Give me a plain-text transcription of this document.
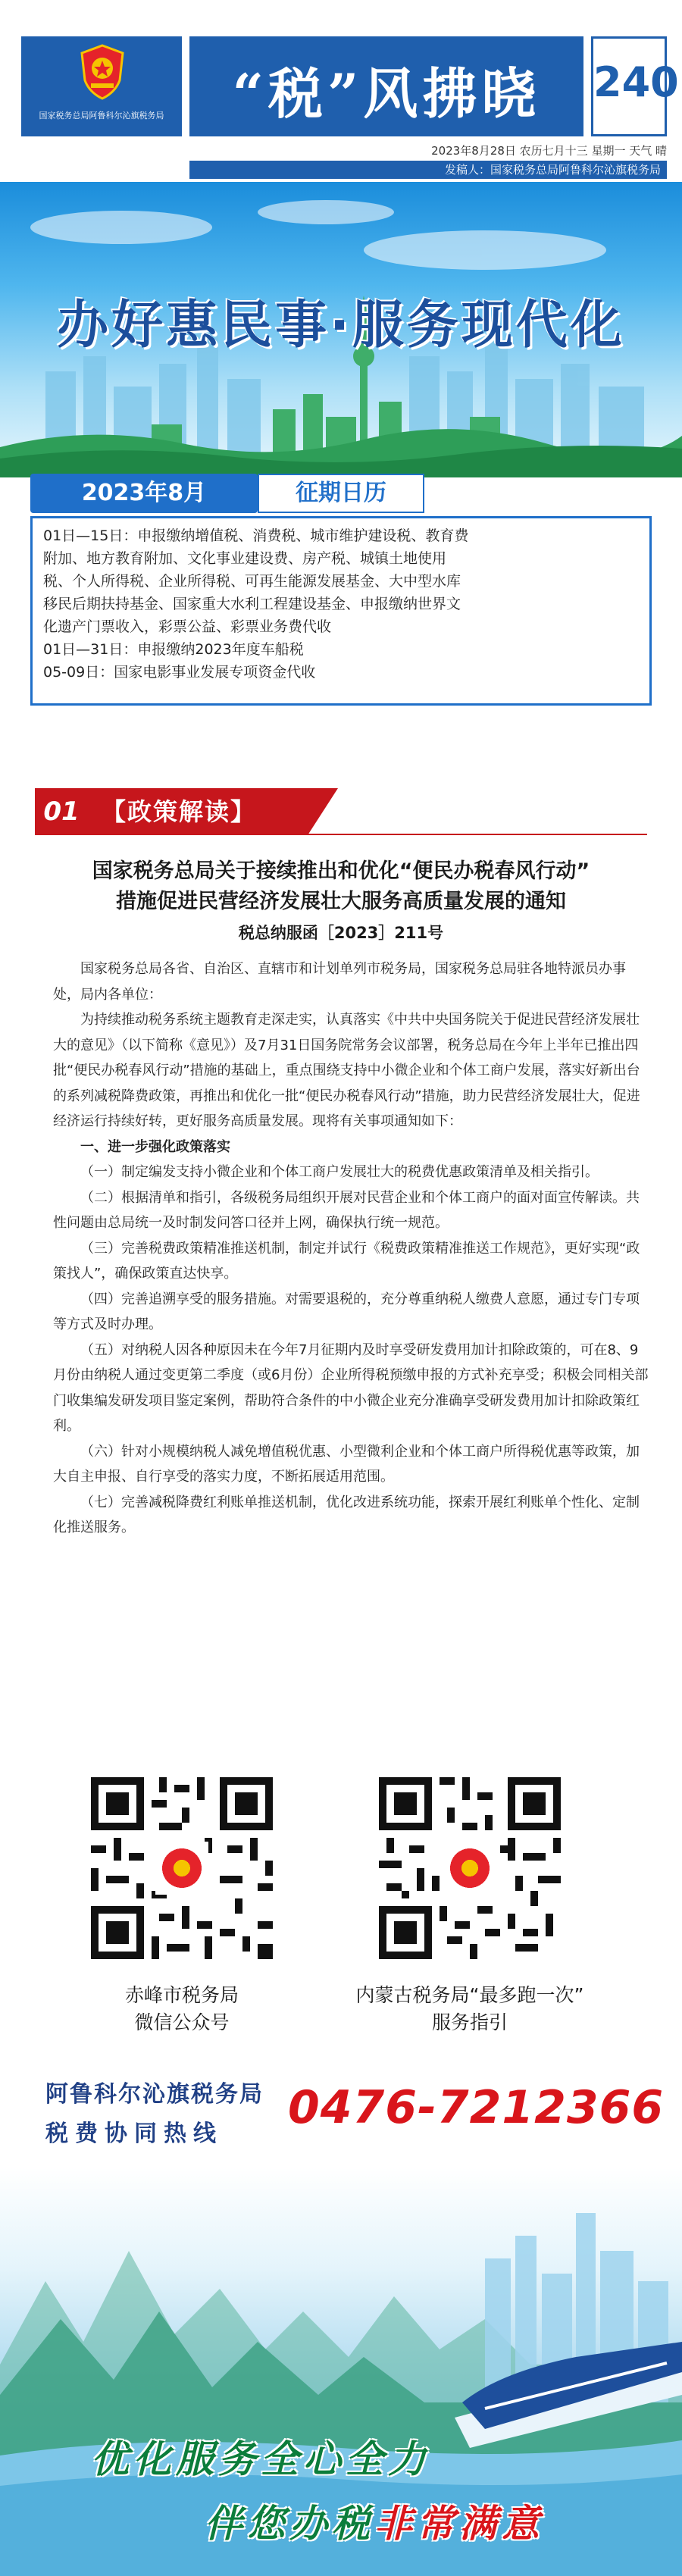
国家税务总局阿鲁科尔沁旗税务局	“税”风拂晓	240
2023年8月28日 农历七月十三 星期一 天气 晴
发稿人：国家税务总局阿鲁科尔沁旗税务局
办好惠民事·服务现代化
2023年8月	征期日历
01日—15日：申报缴纳增值税、消费税、城市维护建设税、教育费
附加、地方教育附加、文化事业建设费、房产税、城镇土地使用
税、个人所得税、企业所得税、可再生能源发展基金、大中型水库
移民后期扶持基金、国家重大水利工程建设基金、申报缴纳世界文
化遗产门票收入，彩票公益、彩票业务费代收
01日—31日：申报缴纳2023年度车船税
05-09日：国家电影事业发展专项资金代收
01 【政策解读】
国家税务总局关于接续推出和优化“便民办税春风行动”
措施促进民营经济发展壮大服务高质量发展的通知
税总纳服函［2023］211号

国家税务总局各省、自治区、直辖市和计划单列市税务局，国家税务总局驻各地特派员办事处，局内各单位：

为持续推动税务系统主题教育走深走实，认真落实《中共中央国务院关于促进民营经济发展壮大的意见》（以下简称《意见》）及7月31日国务院常务会议部署，税务总局在今年上半年已推出四批“便民办税春风行动”措施的基础上，重点围绕支持中小微企业和个体工商户发展，落实好新出台的系列减税降费政策，再推出和优化一批“便民办税春风行动”措施，助力民营经济发展壮大，促进经济运行持续好转，更好服务高质量发展。现将有关事项通知如下：

一、进一步强化政策落实

（一）制定编发支持小微企业和个体工商户发展壮大的税费优惠政策清单及相关指引。

（二）根据清单和指引，各级税务局组织开展对民营企业和个体工商户的面对面宣传解读。共性问题由总局统一及时制发问答口径并上网，确保执行统一规范。

（三）完善税费政策精准推送机制，制定并试行《税费政策精准推送工作规范》，更好实现“政策找人”，确保政策直达快享。

（四）完善追溯享受的服务措施。对需要退税的，充分尊重纳税人缴费人意愿，通过专门专项等方式及时办理。

（五）对纳税人因各种原因未在今年7月征期内及时享受研发费用加计扣除政策的，可在8、9月份由纳税人通过变更第二季度（或6月份）企业所得税预缴申报的方式补充享受；积极会同相关部门收集编发研发项目鉴定案例，帮助符合条件的中小微企业充分准确享受研发费用加计扣除政策红利。

（六）针对小规模纳税人减免增值税优惠、小型微利企业和个体工商户所得税优惠等政策，加大自主申报、自行享受的落实力度，不断拓展适用范围。

（七）完善减税降费红利账单推送机制，优化改进系统功能，探索开展红利账单个性化、定制化推送服务。

赤峰市税务局
微信公众号
内蒙古税务局“最多跑一次”
服务指引
阿鲁科尔沁旗税务局
税费协同热线	0476-7212366
优化服务全心全力
伴您办税非常满意
